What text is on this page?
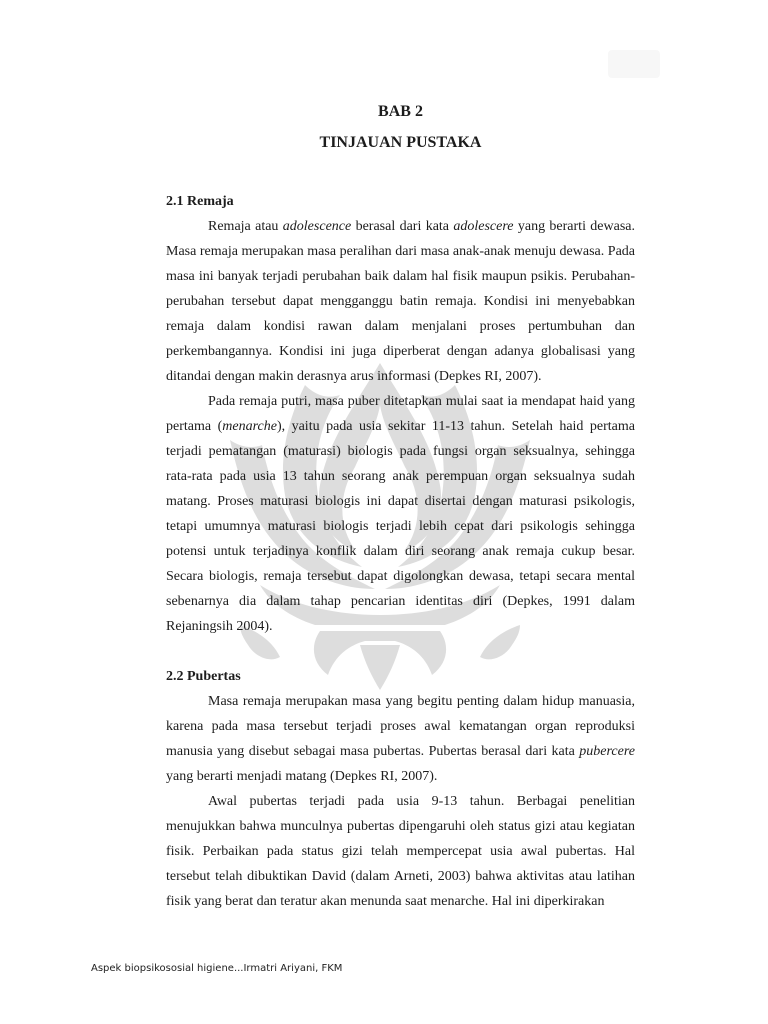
BAB 2
TINJAUAN PUSTAKA
2.1 Remaja

Remaja atau adolescence berasal dari kata adolescere yang berarti dewasa. Masa remaja merupakan masa peralihan dari masa anak-anak menuju dewasa. Pada masa ini banyak terjadi perubahan baik dalam hal fisik maupun psikis. Perubahan-perubahan tersebut dapat mengganggu batin remaja. Kondisi ini menyebabkan remaja dalam kondisi rawan dalam menjalani proses pertumbuhan dan perkembangannya. Kondisi ini juga diperberat dengan adanya globalisasi yang ditandai dengan makin derasnya arus informasi (Depkes RI, 2007).

Pada remaja putri, masa puber ditetapkan mulai saat ia mendapat haid yang pertama (menarche), yaitu pada usia sekitar 11-13 tahun. Setelah haid pertama terjadi pematangan (maturasi) biologis pada fungsi organ seksualnya, sehingga rata-rata pada usia 13 tahun seorang anak perempuan organ seksualnya sudah matang. Proses maturasi biologis ini dapat disertai dengan maturasi psikologis, tetapi umumnya maturasi biologis terjadi lebih cepat dari psikologis sehingga potensi untuk terjadinya konflik dalam diri seorang anak remaja cukup besar. Secara biologis, remaja tersebut dapat digolongkan dewasa, tetapi secara mental sebenarnya dia dalam tahap pencarian identitas diri (Depkes, 1991 dalam Rejaningsih 2004).

2.2 Pubertas

Masa remaja merupakan masa yang begitu penting dalam hidup manuasia, karena pada masa tersebut terjadi proses awal kematangan organ reproduksi manusia yang disebut sebagai masa pubertas. Pubertas berasal dari kata pubercere yang berarti menjadi matang (Depkes RI, 2007).

Awal pubertas terjadi pada usia 9-13 tahun. Berbagai penelitian menujukkan bahwa munculnya pubertas dipengaruhi oleh status gizi atau kegiatan fisik. Perbaikan pada status gizi telah mempercepat usia awal pubertas. Hal tersebut telah dibuktikan David (dalam Arneti, 2003) bahwa aktivitas atau latihan fisik yang berat dan teratur akan menunda saat menarche. Hal ini diperkirakan

Aspek biopsikososial higiene...Irmatri Ariyani, FKM
